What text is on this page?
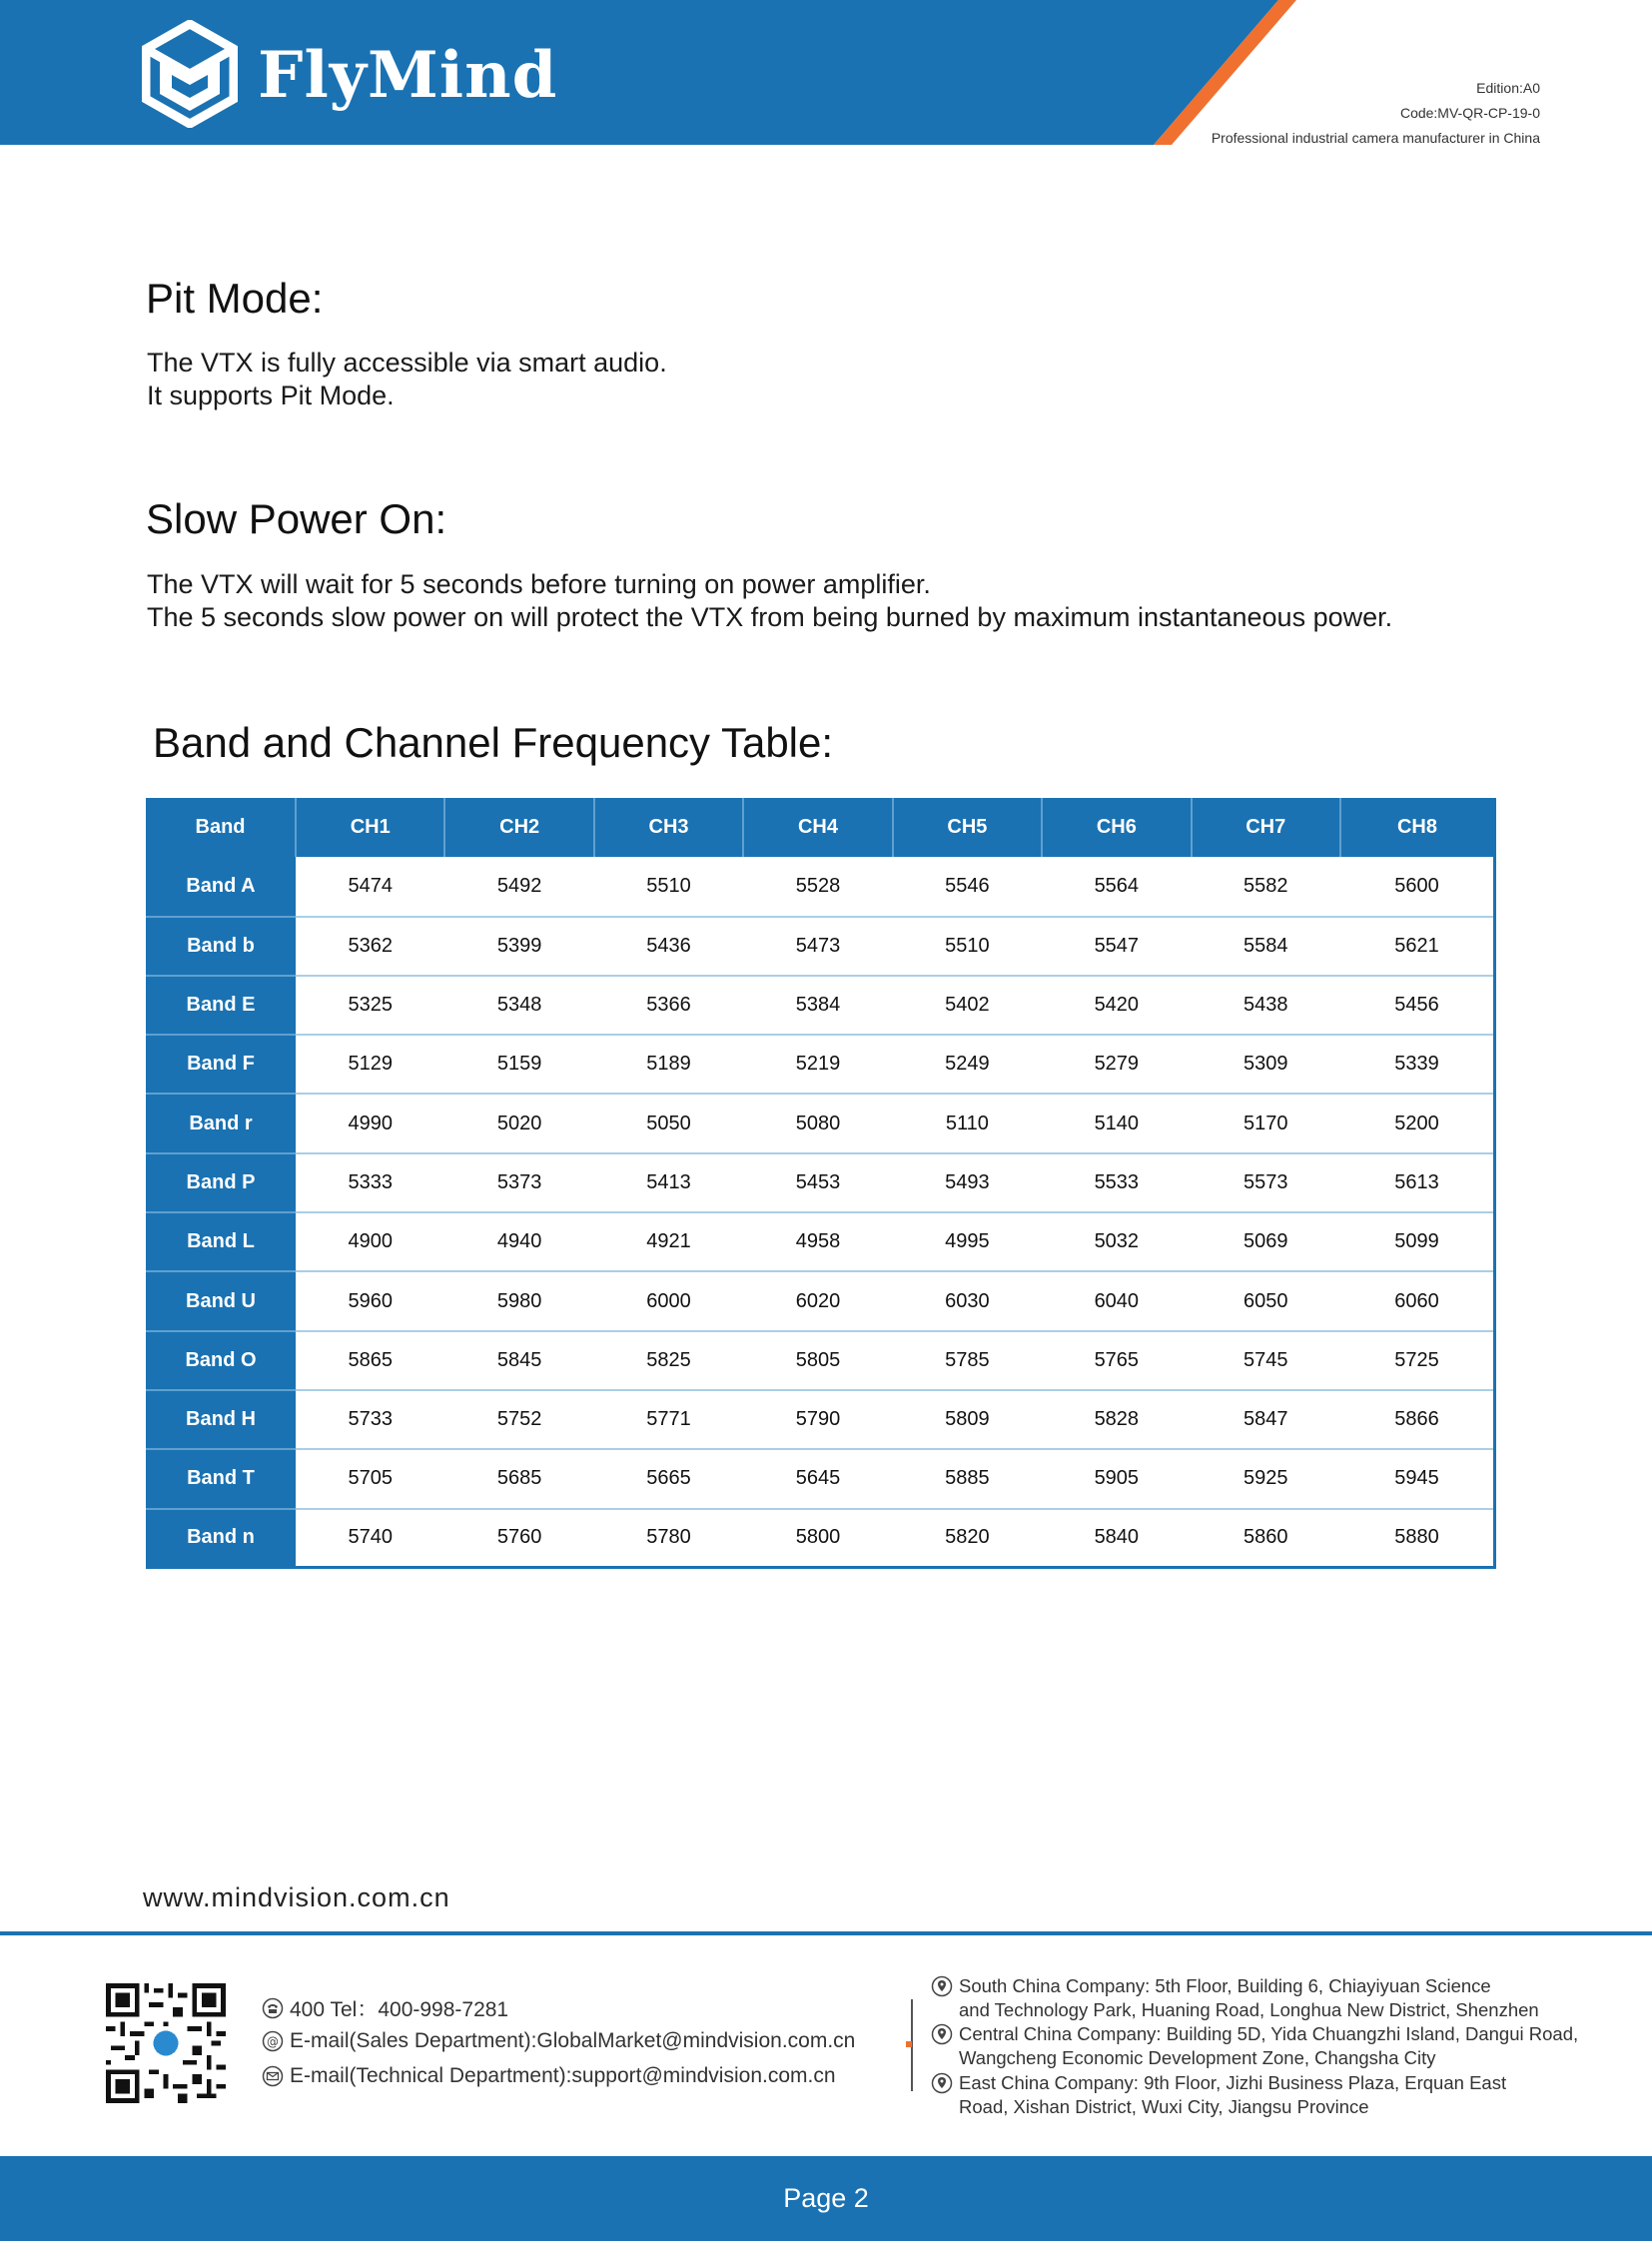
FlyMind	Edition:A0
Code:MV-QR-CP-19-0
Professional industrial camera manufacturer in China
Pit Mode:
The VTX is fully accessible via smart audio.
It supports Pit Mode.
Slow Power On:
The VTX will wait for 5 seconds before turning on power amplifier.
The 5 seconds slow power on will protect the VTX from being burned by maximum instantaneous power.
Band and Channel Frequency Table:
Band	CH1	CH2	CH3	CH4	CH5	CH6	CH7	CH8
Band A	5474	5492	5510	5528	5546	5564	5582	5600
Band b	5362	5399	5436	5473	5510	5547	5584	5621
Band E	5325	5348	5366	5384	5402	5420	5438	5456
Band F	5129	5159	5189	5219	5249	5279	5309	5339
Band r	4990	5020	5050	5080	5110	5140	5170	5200
Band P	5333	5373	5413	5453	5493	5533	5573	5613
Band L	4900	4940	4921	4958	4995	5032	5069	5099
Band U	5960	5980	6000	6020	6030	6040	6050	6060
Band O	5865	5845	5825	5805	5785	5765	5745	5725
Band H	5733	5752	5771	5790	5809	5828	5847	5866
Band T	5705	5685	5665	5645	5885	5905	5925	5945
Band n	5740	5760	5780	5800	5820	5840	5860	5880
www.mindvision.com.cn
400 Tel：400-998-7281
@ E-mail(Sales Department):GlobalMarket@mindvision.com.cn
E-mail(Technical Department):support@mindvision.com.cn
South China Company: 5th Floor, Building 6, Chiayiyuan Science
and Technology Park, Huaning Road, Longhua New District, Shenzhen
Central China Company: Building 5D, Yida Chuangzhi Island, Dangui Road,
Wangcheng Economic Development Zone, Changsha City
East China Company: 9th Floor, Jizhi Business Plaza, Erquan East
Road, Xishan District, Wuxi City, Jiangsu Province
Page 2
